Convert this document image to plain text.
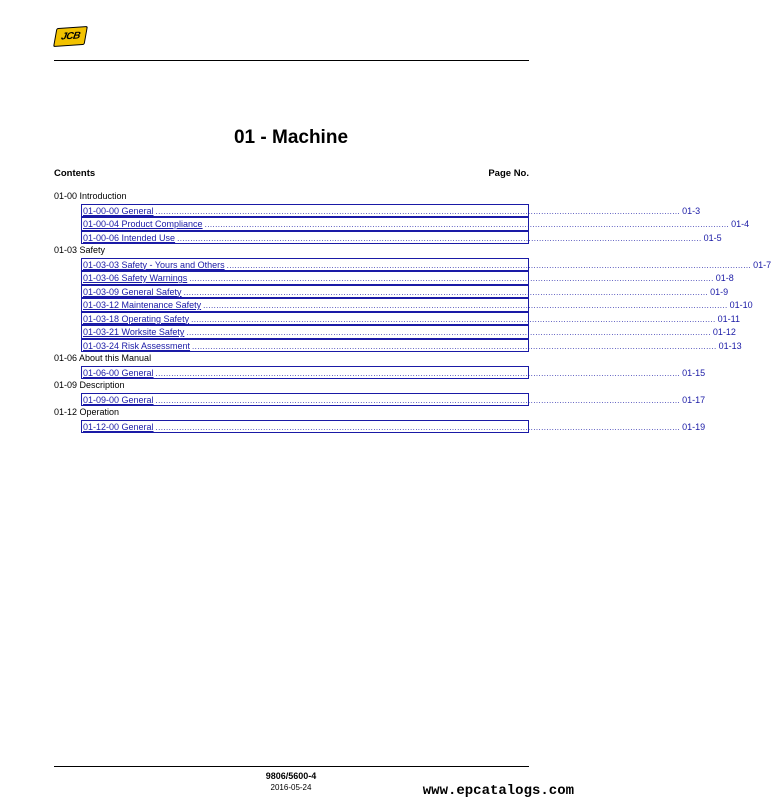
JCB
01 - Machine
Contents	Page No.
01-00 Introduction
01-00-00 General ........................................................................................................................................................................................................ 01-3
01-00-04 Product Compliance ........................................................................................................................................................................................................ 01-4
01-00-06 Intended Use ........................................................................................................................................................................................................ 01-5
01-03 Safety
01-03-03 Safety - Yours and Others ........................................................................................................................................................................................................ 01-7
01-03-06 Safety Warnings ........................................................................................................................................................................................................ 01-8
01-03-09 General Safety ........................................................................................................................................................................................................ 01-9
01-03-12 Maintenance Safety ........................................................................................................................................................................................................ 01-10
01-03-18 Operating Safety ........................................................................................................................................................................................................ 01-11
01-03-21 Worksite Safety ........................................................................................................................................................................................................ 01-12
01-03-24 Risk Assessment ........................................................................................................................................................................................................ 01-13
01-06 About this Manual
01-06-00 General ........................................................................................................................................................................................................ 01-15
01-09 Description
01-09-00 General ........................................................................................................................................................................................................ 01-17
01-12 Operation
01-12-00 General ........................................................................................................................................................................................................ 01-19
9806/5600-4
2016-05-24	www.epcatalogs.com
